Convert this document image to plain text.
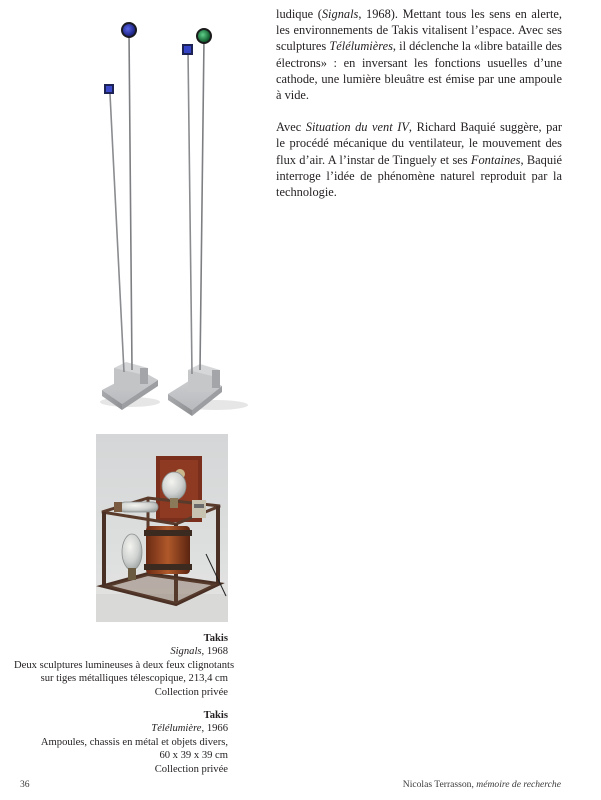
ludique (Signals, 1968). Mettant tous les sens en alerte, les environnements de Takis vitalisent l’espace. Avec ses sculptures Télélumières, il déclenche la «libre bataille des électrons» : en inversant les fonctions usuelles d’une cathode, une lumière bleuâtre est émise par une ampoule à vide.

Avec Situation du vent IV, Richard Baquié suggère, par le procédé mécanique du ventilateur, le mouvement des flux d’air. A l’instar de Tinguely et ses Fontaines, Baquié interroge l’idée de phénomène naturel reproduit par la technologie.

Takis
Signals, 1968
Deux sculptures lumineuses à deux feux clignotants
sur tiges métalliques télescopique, 213,4 cm
Collection privée
Takis
Télélumière, 1966
Ampoules, chassis en métal et objets divers,
60 x 39 x 39 cm
Collection privée
36	Nicolas Terrasson, mémoire de recherche
